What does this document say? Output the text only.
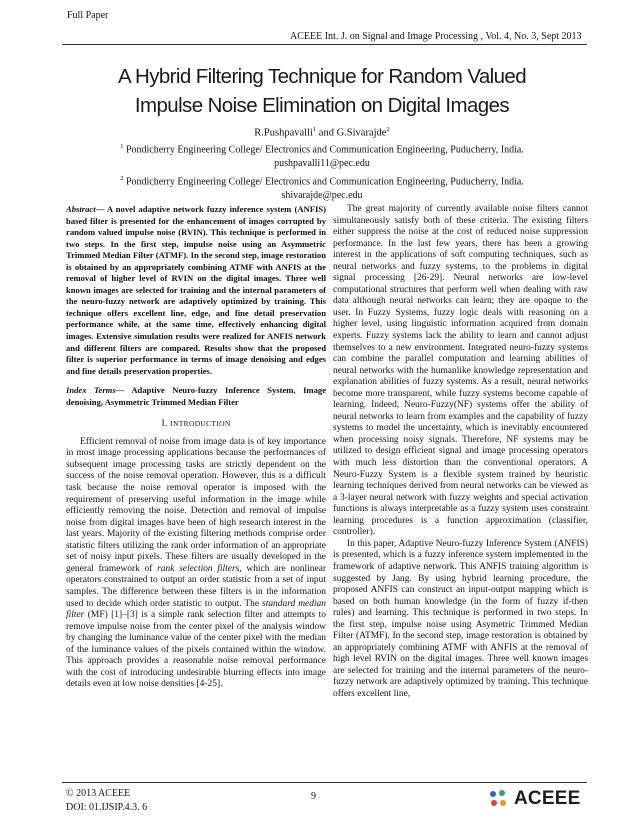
Full Paper
ACEEE Int. J. on Signal and Image Processing , Vol. 4, No. 3, Sept 2013
A Hybrid Filtering Technique for Random Valued
Impulse Noise Elimination on Digital Images
R.Pushpavalli$^1$ and G.Sivarajde$^2$
$^1$ Pondicherry Engineering College/ Electronics and Communication Engineering, Puducherry, India.
pushpavalli11@pec.edu
$^2$ Pondicherry Engineering College/ Electronics and Communication Engineering, Puducherry, India.
shivarajde@pec.edu

Abstract— A novel adaptive network fuzzy inference system (ANFIS) based filter is presented for the enhancement of images corrupted by random valued impulse noise (RVIN). This technique is performed in two steps. In the first step, impulse noise using an Asymmetric Trimmed Median Filter (ATMF). In the second step, image restoration is obtained by an appropriately combining ATMF with ANFIS at the removal of higher level of RVIN on the digital images. Three well known images are selected for training and the internal parameters of the neuro-fuzzy network are adaptively optimized by training. This technique offers excellent line, edge, and fine detail preservation performance while, at the same time, effectively enhancing digital images. Extensive simulation results were realized for ANFIS network and different filters are compared. Results show that the proposed filter is superior performance in terms of image denoising and edges and fine details preservation properties.

Index Terms— Adaptive Neuro-fuzzy Inference System, Image denoising, Asymmetric Trimmed Median Filter

I. INTRODUCTION

Efficient removal of noise from image data is of key importance in most image processing applications because the performances of subsequent image processing tasks are strictly dependent on the success of the noise removal operation. However, this is a difficult task because the noise removal operator is imposed with the requirement of preserving useful information in the image while efficiently removing the noise. Detection and removal of impulse noise from digital images have been of high research interest in the last years. Majority of the existing filtering methods comprise order statistic filters utilizing the rank order information of an appropriate set of noisy input pixels. These filters are usually developed in the general framework of rank selection filters, which are nonlinear operators constrained to output an order statistic from a set of input samples. The difference between these filters is in the information used to decide which order statistic to output. The standard median filter (MF) [1]–[3] is a simple rank selection filter and attempts to remove impulse noise from the center pixel of the analysis window by changing the luminance value of the center pixel with the median of the luminance values of the pixels contained within the window. This approach provides a reasonable noise removal performance with the cost of introducing undesirable blurring effects into image details even at low noise densities [4-25].

The great majority of currently available noise filters cannot simultaneously satisfy both of these criteria. The existing filters either suppress the noise at the cost of reduced noise suppression performance. In the last few years, there has been a growing interest in the applications of soft computing techniques, such as neural networks and fuzzy systems, to the problems in digital signal processing [26-29]. Neural networks are low-level computational structures that perform well when dealing with raw data although neural networks can learn; they are opaque to the user. In Fuzzy Systems, fuzzy logic deals with reasoning on a higher level, using linguistic information acquired from domain experts. Fuzzy systems lack the ability to learn and cannot adjust themselves to a new environment. Integrated neuro-fuzzy systems can combine the parallel computation and learning abilities of neural networks with the humanlike knowledge representation and explanation abilities of fuzzy systems. As a result, neural networks become more transparent, while fuzzy systems become capable of learning. Indeed, Neuro-Fuzzy(NF) systems offer the ability of neural networks to learn from examples and the capability of fuzzy systems to model the uncertainty, which is inevitably encountered when processing noisy signals. Therefore, NF systems may be utilized to design efficient signal and image processing operators with much less distortion than the conventional operators. A Neuro-Fuzzy System is a flexible system trained by heuristic learning techniques derived from neural networks can be viewed as a 3-layer neural network with fuzzy weights and special activation functions is always interpretable as a fuzzy system uses constraint learning procedures is a function approximation (classifier, controller).

In this paper, Adaptive Neuro-fuzzy Inference System (ANFIS) is presented, which is a fuzzy inference system implemented in the framework of adaptive network. This ANFIS training algorithm is suggested by Jang. By using hybrid learning procedure, the proposed ANFIS can construct an input-output mapping which is based on both human knowledge (in the form of fuzzy if-then rules) and learning. This technique is performed in two steps. In the first step, impulse noise using Asymetric Trimmed Median Filter (ATMF). In the second step, image restoration is obtained by an appropriately combining ATMF with ANFIS at the removal of high level RVIN on the digital images. Three well known images are selected for training and the internal parameters of the neuro-fuzzy network are adaptively optimized by training. This technique offers excellent line,

© 2013 ACEEE
DOI: 01.IJSIP.4.3. 6
9	ACEEE
